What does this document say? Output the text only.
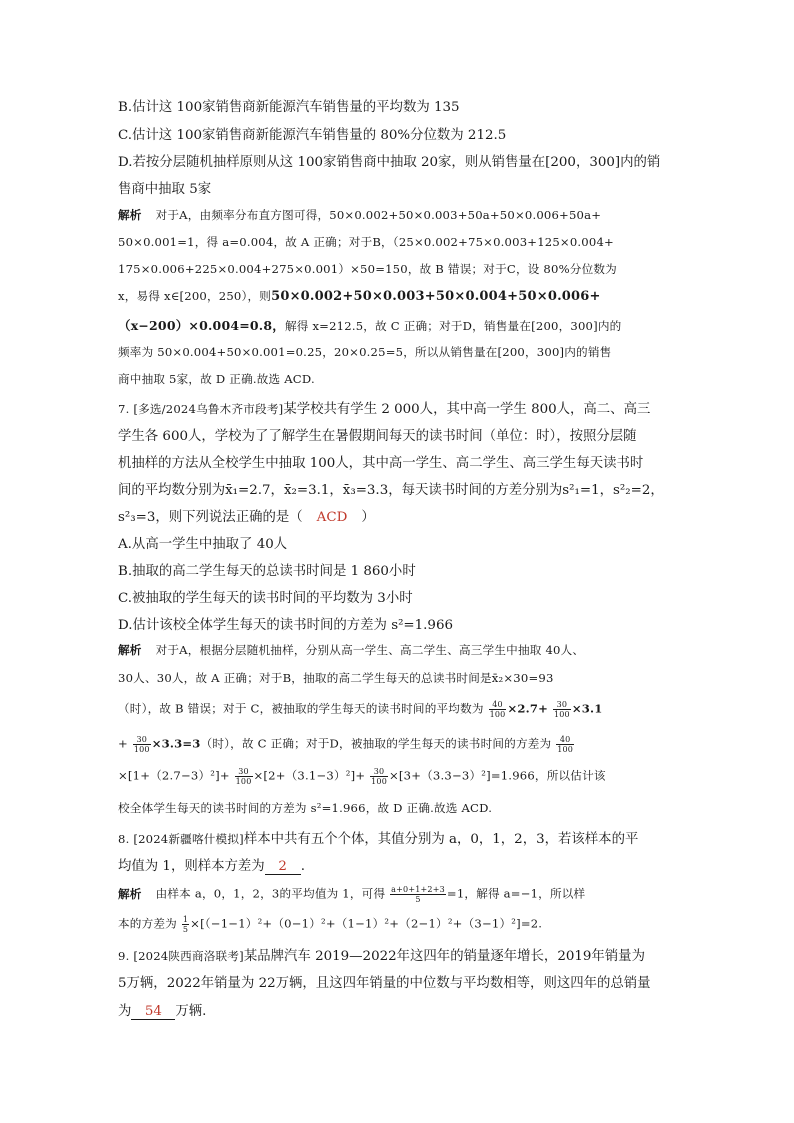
B.估计这 100家销售商新能源汽车销售量的平均数为 135
C.估计这 100家销售商新能源汽车销售量的 80%分位数为 212.5
D.若按分层随机抽样原则从这 100家销售商中抽取 20家，则从销售量在[200，300]内的销
售商中抽取 5家
解析 对于A，由频率分布直方图可得，50×0.002+50×0.003+50a+50×0.006+50a+
50×0.001=1，得 a=0.004，故 A 正确；对于B，（25×0.002+75×0.003+125×0.004+
175×0.006+225×0.004+275×0.001）×50=150，故 B 错误；对于C，设 80%分位数为
x，易得 x∈[200，250），则50×0.002+50×0.003+50×0.004+50×0.006+
（x−200）×0.004=0.8，解得 x=212.5，故 C 正确；对于D，销售量在[200，300]内的
频率为 50×0.004+50×0.001=0.25，20×0.25=5，所以从销售量在[200，300]内的销售
商中抽取 5家，故 D 正确.故选 ACD.
7. [多选/2024乌鲁木齐市段考]某学校共有学生 2 000人，其中高一学生 800人，高二、高三
学生各 600人，学校为了了解学生在暑假期间每天的读书时间（单位：时），按照分层随
机抽样的方法从全校学生中抽取 100人，其中高一学生、高二学生、高三学生每天读书时
间的平均数分别为x̄₁=2.7，x̄₂=3.1，x̄₃=3.3，每天读书时间的方差分别为s²₁=1，s²₂=2，
s²₃=3，则下列说法正确的是（ ACD ）
A.从高一学生中抽取了 40人
B.抽取的高二学生每天的总读书时间是 1 860小时
C.被抽取的学生每天的读书时间的平均数为 3小时
D.估计该校全体学生每天的读书时间的方差为 s²=1.966
解析 对于A，根据分层随机抽样，分别从高一学生、高二学生、高三学生中抽取 40人、
30人、30人，故 A 正确；对于B，抽取的高二学生每天的总读书时间是x̄₂×30=93
（时），故 B 错误；对于 C，被抽取的学生每天的读书时间的平均数为 $\frac{40}{100} \times 2.7+ \frac{30}{100} \times 3.1$
+ $\frac{30}{100} \times 3.3=3$（时），故 C 正确；对于D，被抽取的学生每天的读书时间的方差为 $\frac{40}{100}$
$\times[1+(2.7-3)^2]+ \frac{30}{100} \times[2+(3.1-3)^2]+ \frac{30}{100} \times[3+(3.3-3)^2]=1.966$，所以估计该
校全体学生每天的读书时间的方差为 s²=1.966，故 D 正确.故选 ACD.
8. [2024新疆喀什模拟]样本中共有五个个体，其值分别为 a，0，1，2，3，若该样本的平
均值为 1，则样本方差为 2 .
解析 由样本 a，0，1，2，3的平均值为 1，可得 $\frac{a+0+1+2+3}{5} =1$，解得 a=−1，所以样
本的方差为 $\frac{1}{5} \times[(-1-1)^2+(0-1)^2+(1-1)^2+(2-1)^2+(3-1)^2]=2$.
9. [2024陕西商洛联考]某品牌汽车 2019—2022年这四年的销量逐年增长，2019年销量为
5万辆，2022年销量为 22万辆，且这四年销量的中位数与平均数相等，则这四年的总销量
为 54 万辆.
